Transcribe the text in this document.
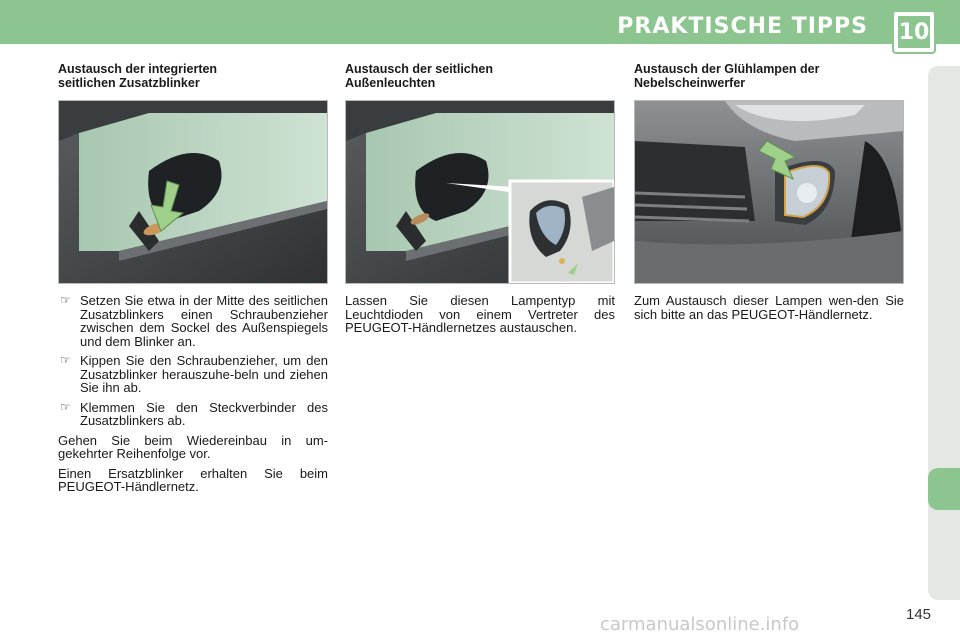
PRAKTISCHE TIPPS 10
Austausch der integrierten
seitlichen Zusatzblinker

☞ Setzen Sie etwa in der Mitte des seitlichen Zusatzblinkers einen Schraubenzieher zwischen dem Sockel des Außenspiegels und dem Blinker an.

☞ Kippen Sie den Schraubenzieher, um den Zusatzblinker herauszuhe-beln und ziehen Sie ihn ab.

☞ Klemmen Sie den Steckverbinder des Zusatzblinkers ab.

Gehen Sie beim Wiedereinbau in um-gekehrter Reihenfolge vor.

Einen Ersatzblinker erhalten Sie beim PEUGEOT-Händlernetz.

Austausch der seitlichen
Außenleuchten

Lassen Sie diesen Lampentyp mit Leuchtdioden von einem Vertreter des PEUGEOT-Händlernetzes austauschen.

Austausch der Glühlampen der
Nebelscheinwerfer

Zum Austausch dieser Lampen wen-den Sie sich bitte an das PEUGEOT-Händlernetz.

carmanualsonline.info	145
